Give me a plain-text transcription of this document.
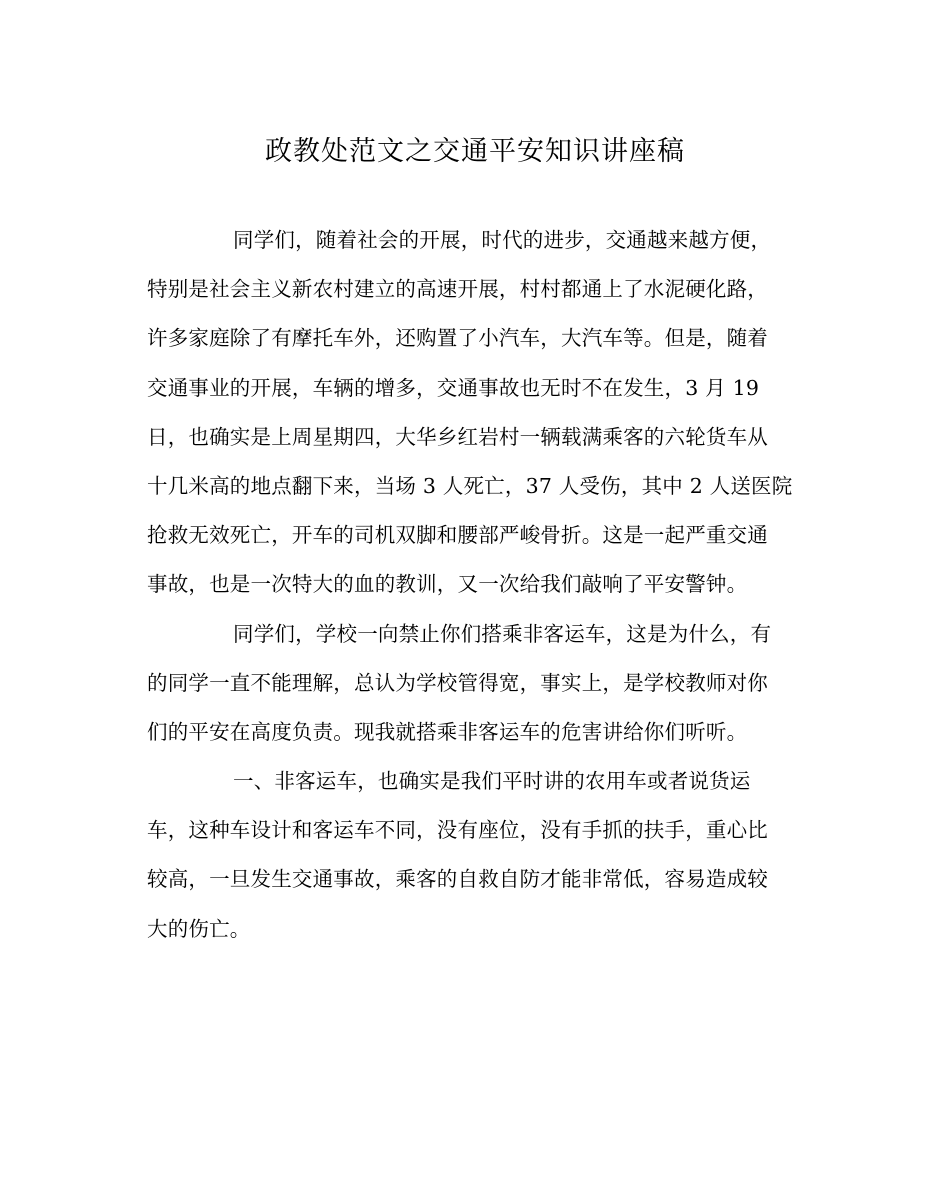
政教处范文之交通平安知识讲座稿
同学们，随着社会的开展，时代的进步，交通越来越方便，
特别是社会主义新农村建立的高速开展，村村都通上了水泥硬化路，
许多家庭除了有摩托车外，还购置了小汽车，大汽车等。但是，随着
交通事业的开展，车辆的增多，交通事故也无时不在发生，3 月 19
日，也确实是上周星期四，大华乡红岩村一辆载满乘客的六轮货车从
十几米高的地点翻下来，当场 3 人死亡，37 人受伤，其中 2 人送医院
抢救无效死亡，开车的司机双脚和腰部严峻骨折。这是一起严重交通
事故，也是一次特大的血的教训，又一次给我们敲响了平安警钟。
同学们，学校一向禁止你们搭乘非客运车，这是为什么，有
的同学一直不能理解，总认为学校管得宽，事实上，是学校教师对你
们的平安在高度负责。现我就搭乘非客运车的危害讲给你们听听。
一、非客运车，也确实是我们平时讲的农用车或者说货运
车，这种车设计和客运车不同，没有座位，没有手抓的扶手，重心比
较高，一旦发生交通事故，乘客的自救自防才能非常低，容易造成较
大的伤亡。
